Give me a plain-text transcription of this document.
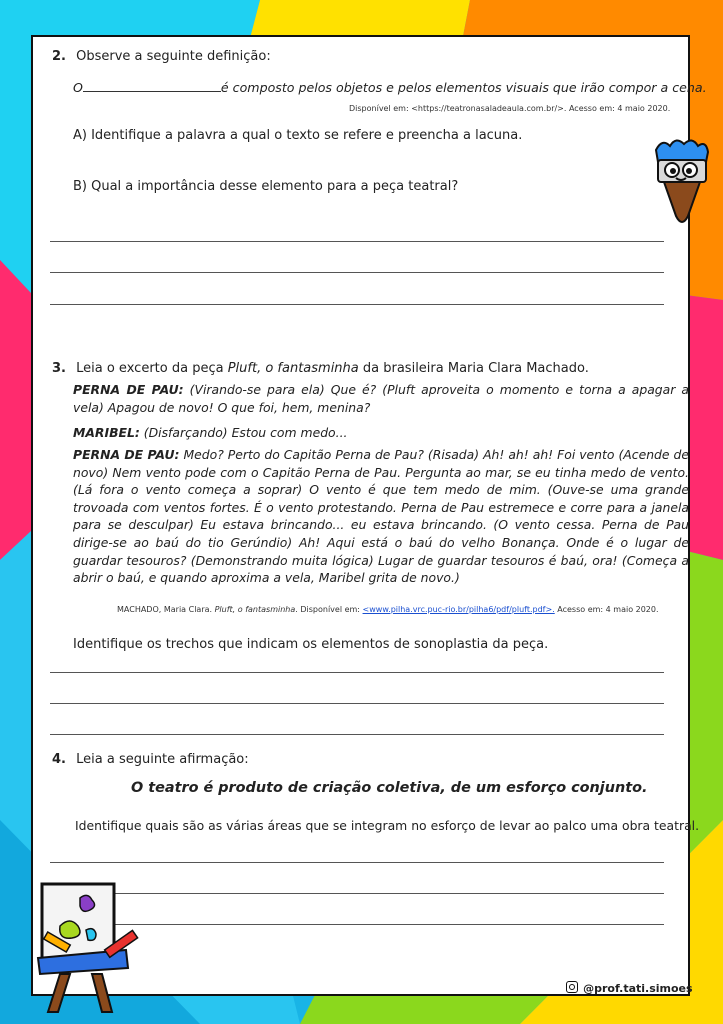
2. Observe a seguinte definição:
O	é composto pelos objetos e pelos elementos visuais que irão compor a cena.
Disponível em: <https://teatronasaladeaula.com.br/>. Acesso em: 4 maio 2020.
A) Identifique a palavra a qual o texto se refere e preencha a lacuna.
B) Qual a importância desse elemento para a peça teatral?
3. Leia o excerto da peça Pluft, o fantasminha da brasileira Maria Clara Machado.
PERNA DE PAU: (Virando-se para ela) Que é? (Pluft aproveita o momento e torna a apagar a vela) Apagou de novo! O que foi, hem, menina?
MARIBEL: (Disfarçando) Estou com medo...
PERNA DE PAU: Medo? Perto do Capitão Perna de Pau? (Risada) Ah! ah! ah! Foi vento (Acende de novo) Nem vento pode com o Capitão Perna de Pau. Pergunta ao mar, se eu tinha medo de vento. (Lá fora o vento começa a soprar) O vento é que tem medo de mim. (Ouve-se uma grande trovoada com ventos fortes. É o vento protestando. Perna de Pau estremece e corre para a janela para se desculpar) Eu estava brincando... eu estava brincando. (O vento cessa. Perna de Pau dirige-se ao baú do tio Gerúndio) Ah! Aqui está o baú do velho Bonança. Onde é o lugar de guardar tesouros? (Demonstrando muita lógica) Lugar de guardar tesouros é baú, ora! (Começa a abrir o baú, e quando aproxima a vela, Maribel grita de novo.)
MACHADO, Maria Clara. Pluft, o fantasminha. Disponível em: <www.pilha.vrc.puc-rio.br/pilha6/pdf/pluft.pdf>. Acesso em: 4 maio 2020.
Identifique os trechos que indicam os elementos de sonoplastia da peça.
4. Leia a seguinte afirmação:
O teatro é produto de criação coletiva, de um esforço conjunto.
Identifique quais são as várias áreas que se integram no esforço de levar ao palco uma obra teatral.
@prof.tati.simoes
